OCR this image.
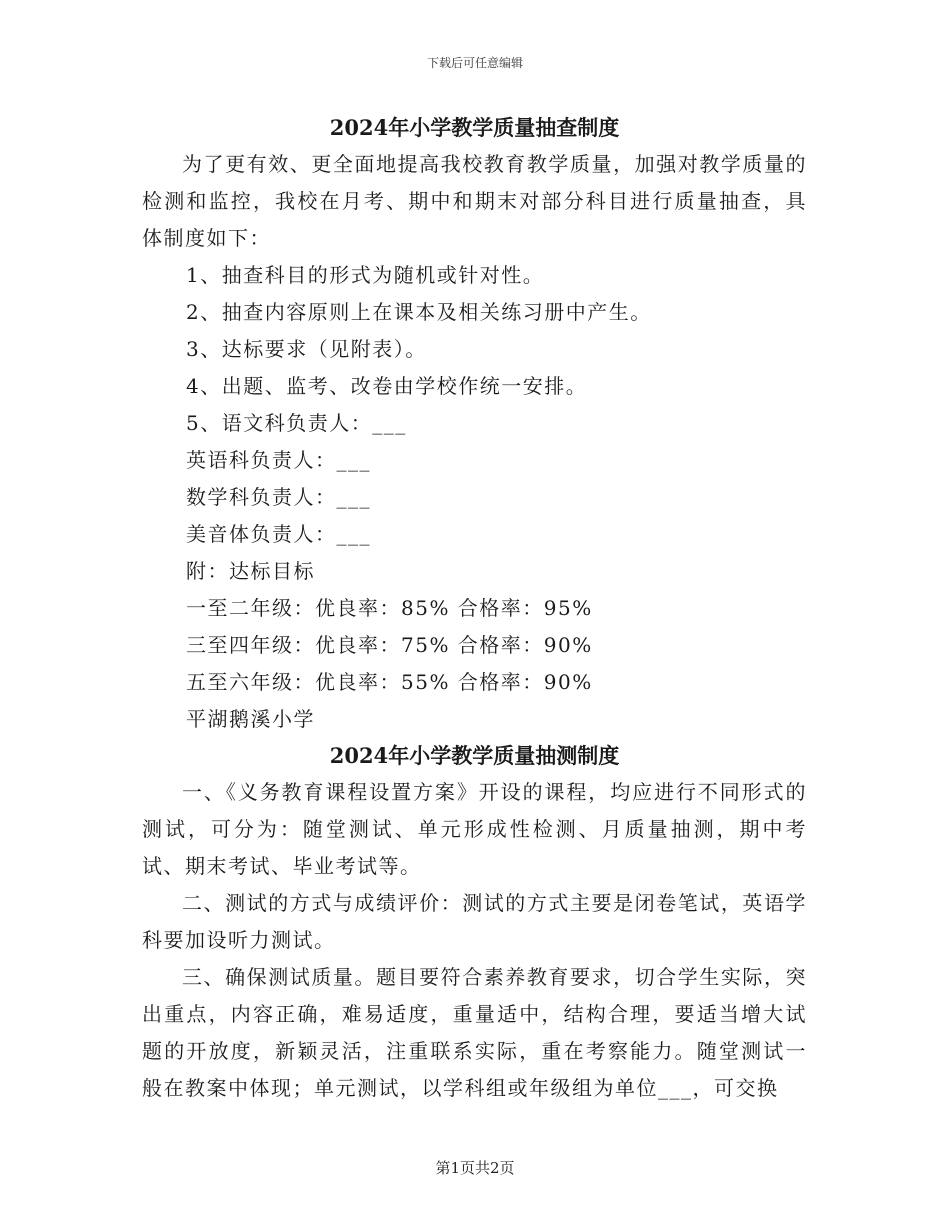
下载后可任意编辑
2024年小学教学质量抽查制度

为了更有效、更全面地提高我校教育教学质量，加强对教学质量的检测和监控，我校在月考、期中和期末对部分科目进行质量抽查，具体制度如下：

1、抽查科目的形式为随机或针对性。

2、抽查内容原则上在课本及相关练习册中产生。

3、达标要求（见附表）。

4、出题、监考、改卷由学校作统一安排。

5、语文科负责人：___

英语科负责人：___

数学科负责人：___

美音体负责人：___

附：达标目标

一至二年级：优良率：85% 合格率：95%

三至四年级：优良率：75% 合格率：90%

五至六年级：优良率：55% 合格率：90%

平湖鹅溪小学

2024年小学教学质量抽测制度

一、《义务教育课程设置方案》开设的课程，均应进行不同形式的测试，可分为：随堂测试、单元形成性检测、月质量抽测，期中考试、期末考试、毕业考试等。

二、测试的方式与成绩评价：测试的方式主要是闭卷笔试，英语学科要加设听力测试。

三、确保测试质量。题目要符合素养教育要求，切合学生实际，突出重点，内容正确，难易适度，重量适中，结构合理，要适当增大试题的开放度，新颖灵活，注重联系实际，重在考察能力。随堂测试一般在教案中体现；单元测试，以学科组或年级组为单位___，可交换

第1页共2页
